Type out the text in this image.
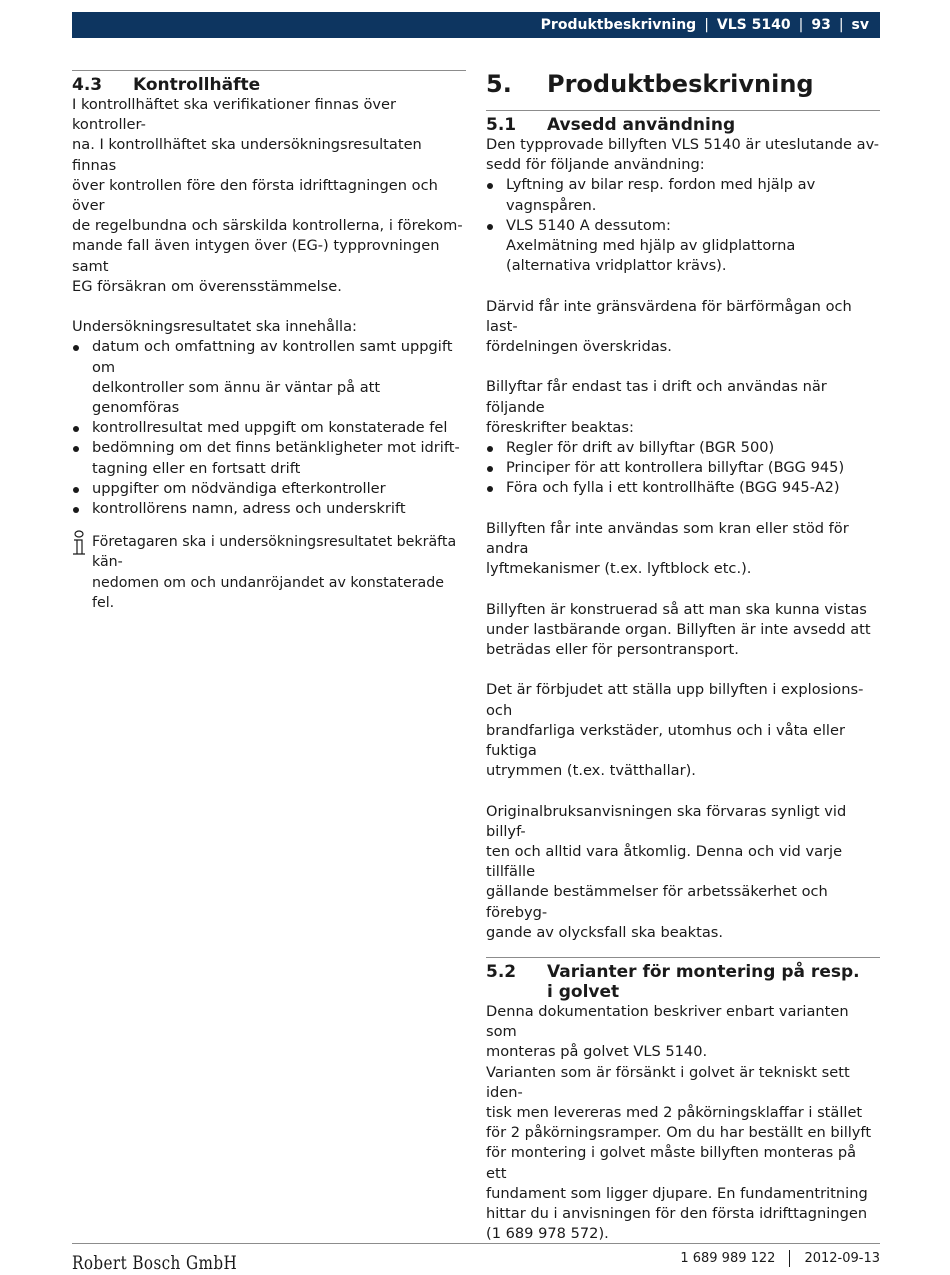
Produktbeskrivning | VLS 5140 | 93 | sv
4.3	Kontrollhäfte

I kontrollhäftet ska verifikationer finnas över kontroller-
na. I kontrollhäftet ska undersökningsresultaten finnas
över kontrollen före den första idrifttagningen och över
de regelbundna och särskilda kontrollerna, i förekom-
mande fall även intygen över (EG-) typprovningen samt
EG försäkran om överensstämmelse.

Undersökningsresultatet ska innehålla:

datum och omfattning av kontrollen samt uppgift om
delkontroller som ännu är väntar på att genomföras
kontrollresultat med uppgift om konstaterade fel
bedömning om det finns betänkligheter mot idrift-
tagning eller en fortsatt drift
uppgifter om nödvändiga efterkontroller
kontrollörens namn, adress och underskrift
Företagaren ska i undersökningsresultatet bekräfta kän-
nedomen om och undanröjandet av konstaterade fel.
5.	Produktbeskrivning
5.1	Avsedd användning

Den typprovade billyften VLS 5140 är uteslutande av-
sedd för följande användning:

Lyftning av bilar resp. fordon med hjälp av
vagnspåren.
VLS 5140 A dessutom:
Axelmätning med hjälp av glidplattorna
(alternativa vridplattor krävs).

Därvid får inte gränsvärdena för bärförmågan och last-
fördelningen överskridas.

Billyftar får endast tas i drift och användas när följande
föreskrifter beaktas:

Regler för drift av billyftar (BGR 500)
Principer för att kontrollera billyftar (BGG 945)
Föra och fylla i ett kontrollhäfte (BGG 945-A2)

Billyften får inte användas som kran eller stöd för andra
lyftmekanismer (t.ex. lyftblock etc.).

Billyften är konstruerad så att man ska kunna vistas
under lastbärande organ. Billyften är inte avsedd att
beträdas eller för persontransport.

Det är förbjudet att ställa upp billyften i explosions- och
brandfarliga verkstäder, utomhus och i våta eller fuktiga
utrymmen (t.ex. tvätthallar).

Originalbruksanvisningen ska förvaras synligt vid billyf-
ten och alltid vara åtkomlig. Denna och vid varje tillfälle
gällande bestämmelser för arbetssäkerhet och förebyg-
gande av olycksfall ska beaktas.

5.2	Varianter för montering på resp.
i golvet

Denna dokumentation beskriver enbart varianten som
monteras på golvet VLS 5140.

Varianten som är försänkt i golvet är tekniskt sett iden-
tisk men levereras med 2 påkörningsklaffar i stället
för 2 påkörningsramper. Om du har beställt en billyft
för montering i golvet måste billyften monteras på ett
fundament som ligger djupare. En fundamentritning
hittar du i anvisningen för den första idrifttagningen
(1 689 978 572).

Robert Bosch GmbH	1 689 989 122 2012-09-13
